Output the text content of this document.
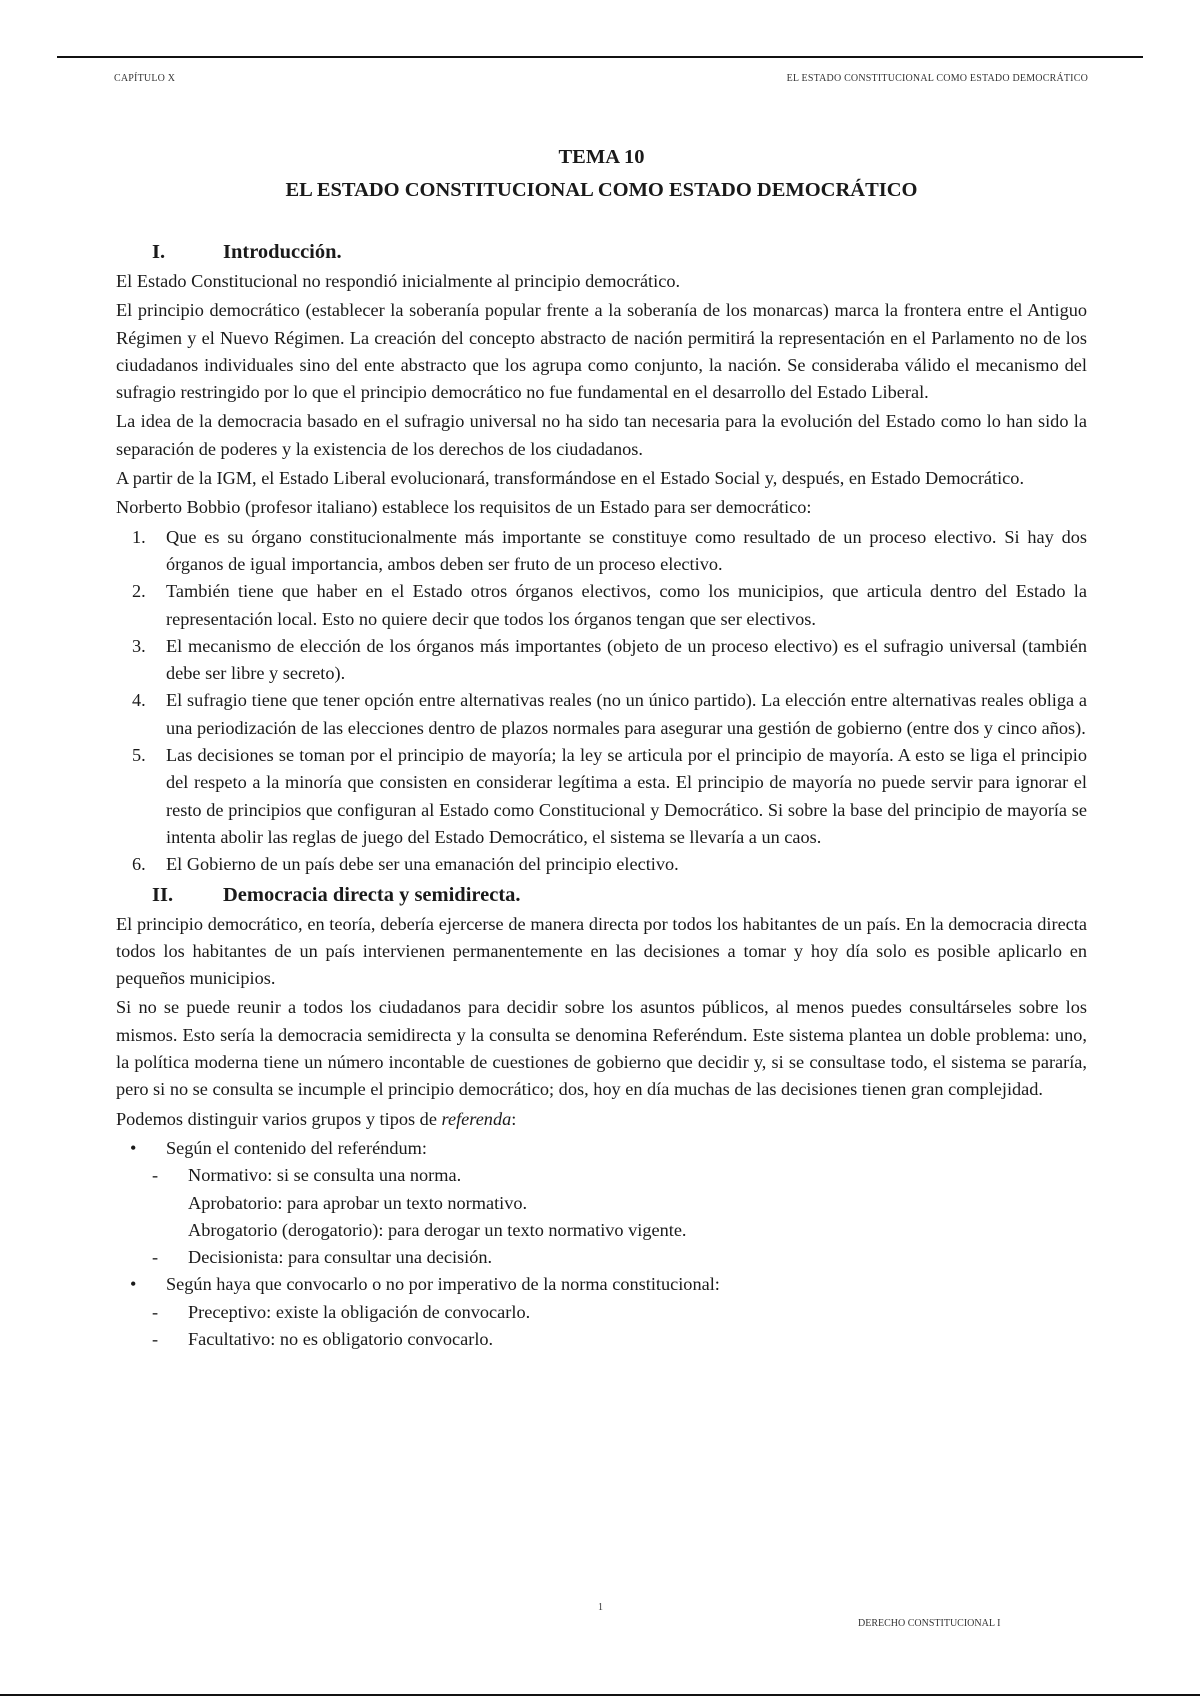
CAPÍTULO X	EL ESTADO CONSTITUCIONAL COMO ESTADO DEMOCRÁTICO

TEMA 10

EL ESTADO CONSTITUCIONAL COMO ESTADO DEMOCRÁTICO

I.	Introducción.

El Estado Constitucional no respondió inicialmente al principio democrático.

El principio democrático (establecer la soberanía popular frente a la soberanía de los monarcas) marca la frontera entre el Antiguo Régimen y el Nuevo Régimen. La creación del concepto abstracto de nación permitirá la representación en el Parlamento no de los ciudadanos individuales sino del ente abstracto que los agrupa como conjunto, la nación. Se consideraba válido el mecanismo del sufragio restringido por lo que el principio democrático no fue fundamental en el desarrollo del Estado Liberal.

La idea de la democracia basado en el sufragio universal no ha sido tan necesaria para la evolución del Estado como lo han sido la separación de poderes y la existencia de los derechos de los ciudadanos.

A partir de la IGM, el Estado Liberal evolucionará, transformándose en el Estado Social y, después, en Estado Democrático.

Norberto Bobbio (profesor italiano) establece los requisitos de un Estado para ser democrático:

1.	Que es su órgano constitucionalmente más importante se constituye como resultado de un proceso electivo. Si hay dos órganos de igual importancia, ambos deben ser fruto de un proceso electivo.
2.	También tiene que haber en el Estado otros órganos electivos, como los municipios, que articula dentro del Estado la representación local. Esto no quiere decir que todos los órganos tengan que ser electivos.
3.	El mecanismo de elección de los órganos más importantes (objeto de un proceso electivo) es el sufragio universal (también debe ser libre y secreto).
4.	El sufragio tiene que tener opción entre alternativas reales (no un único partido). La elección entre alternativas reales obliga a una periodización de las elecciones dentro de plazos normales para asegurar una gestión de gobierno (entre dos y cinco años).
5.	Las decisiones se toman por el principio de mayoría; la ley se articula por el principio de mayoría. A esto se liga el principio del respeto a la minoría que consisten en considerar legítima a esta. El principio de mayoría no puede servir para ignorar el resto de principios que configuran al Estado como Constitucional y Democrático. Si sobre la base del principio de mayoría se intenta abolir las reglas de juego del Estado Democrático, el sistema se llevaría a un caos.
6.	El Gobierno de un país debe ser una emanación del principio electivo.
II.	Democracia directa y semidirecta.

El principio democrático, en teoría, debería ejercerse de manera directa por todos los habitantes de un país. En la democracia directa todos los habitantes de un país intervienen permanentemente en las decisiones a tomar y hoy día solo es posible aplicarlo en pequeños municipios.

Si no se puede reunir a todos los ciudadanos para decidir sobre los asuntos públicos, al menos puedes consultárseles sobre los mismos. Esto sería la democracia semidirecta y la consulta se denomina Referéndum. Este sistema plantea un doble problema: uno, la política moderna tiene un número incontable de cuestiones de gobierno que decidir y, si se consultase todo, el sistema se pararía, pero si no se consulta se incumple el principio democrático; dos, hoy en día muchas de las decisiones tienen gran complejidad.

Podemos distinguir varios grupos y tipos de referenda:

•	Según el contenido del referéndum:
-	Normativo: si se consulta una norma.
Aprobatorio: para aprobar un texto normativo.
Abrogatorio (derogatorio): para derogar un texto normativo vigente.
-	Decisionista: para consultar una decisión.
•	Según haya que convocarlo o no por imperativo de la norma constitucional:
-	Preceptivo: existe la obligación de convocarlo.
-	Facultativo: no es obligatorio convocarlo.
1
DERECHO CONSTITUCIONAL I
